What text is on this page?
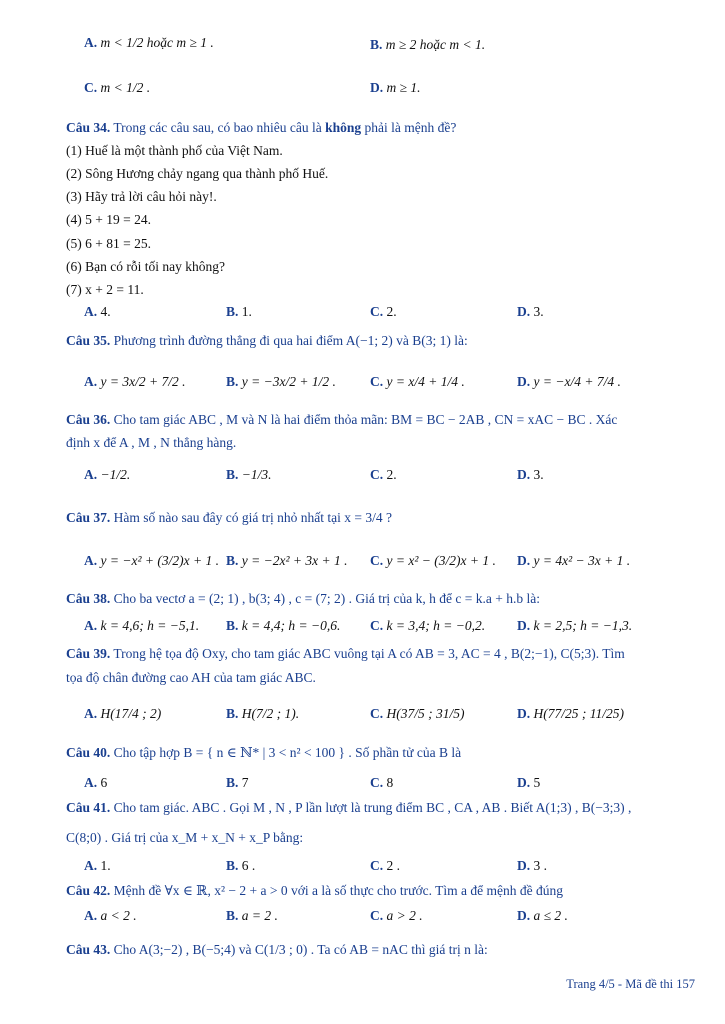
A. m < 1/2 hoặc m ≥ 1 .	B. m ≥ 2 hoặc m < 1.
C. m < 1/2 .	D. m ≥ 1.
Câu 34. Trong các câu sau, có bao nhiêu câu là không phải là mệnh đề?
(1) Huế là một thành phố của Việt Nam.
(2) Sông Hương chảy ngang qua thành phố Huế.
(3) Hãy trả lời câu hỏi này!.
(4) 5 + 19 = 24.
(5) 6 + 81 = 25.
(6) Bạn có rỗi tối nay không?
(7) x + 2 = 11.
A. 4.	B. 1.	C. 2.	D. 3.
Câu 35. Phương trình đường thẳng đi qua hai điểm A(−1; 2) và B(3; 1) là:
A. y = 3x/2 + 7/2 .	B. y = −3x/2 + 1/2 .	C. y = x/4 + 1/4 .	D. y = −x/4 + 7/4 .
Câu 36. Cho tam giác ABC , M và N là hai điểm thỏa mãn: BM = BC − 2AB , CN = xAC − BC . Xác
định x để A , M , N thẳng hàng.
A. −1/2.	B. −1/3.	C. 2.	D. 3.
Câu 37. Hàm số nào sau đây có giá trị nhỏ nhất tại x = 3/4 ?
A. y = −x² + (3/2)x + 1 . B. y = −2x² + 3x + 1 . C. y = x² − (3/2)x + 1 . D. y = 4x² − 3x + 1 .
Câu 38. Cho ba vectơ a = (2; 1) , b(3; 4) , c = (7; 2) . Giá trị của k, h để c = k.a + h.b là:
A. k = 4,6; h = −5,1. B. k = 4,4; h = −0,6. C. k = 3,4; h = −0,2. D. k = 2,5; h = −1,3.
Câu 39. Trong hệ tọa độ Oxy, cho tam giác ABC vuông tại A có AB = 3, AC = 4 , B(2;−1), C(5;3). Tìm
tọa độ chân đường cao AH của tam giác ABC.
A. H(17/4 ; 2)	B. H(7/2 ; 1).	C. H(37/5 ; 31/5)	D. H(77/25 ; 11/25)
Câu 40. Cho tập hợp B = { n ∈ ℕ* | 3 < n² < 100 } . Số phần tử của B là
A. 6	B. 7	C. 8	D. 5
Câu 41. Cho tam giác. ABC . Gọi M , N , P lần lượt là trung điểm BC , CA , AB . Biết A(1;3) , B(−3;3) ,
C(8;0) . Giá trị của x_M + x_N + x_P bằng:
A. 1.	B. 6 .	C. 2 .	D. 3 .
Câu 42. Mệnh đề ∀x ∈ ℝ, x² − 2 + a > 0 với a là số thực cho trước. Tìm a để mệnh đề đúng
A. a < 2 .	B. a = 2 .	C. a > 2 .	D. a ≤ 2 .
Câu 43. Cho A(3;−2) , B(−5;4) và C(1/3 ; 0) . Ta có AB = nAC thì giá trị n là:
Trang 4/5 - Mã đề thi 157
